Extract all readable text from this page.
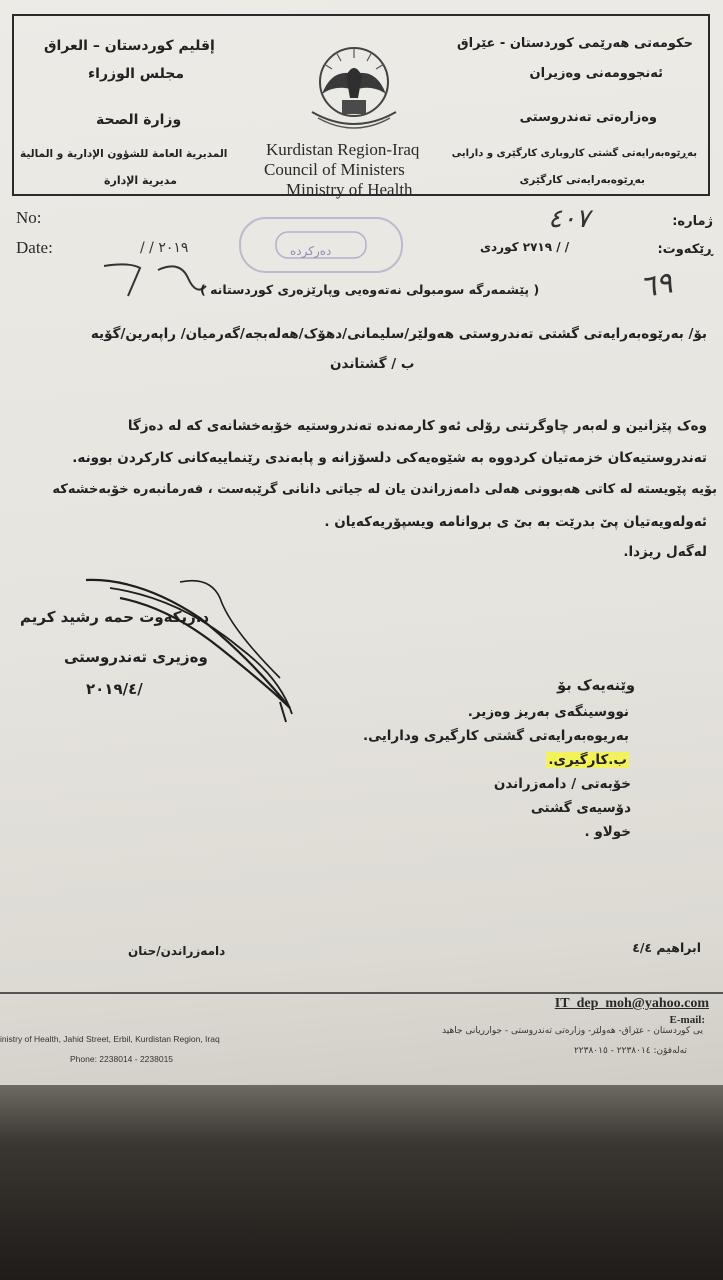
إقليم كوردستان – العراق
مجلس الوزراء
وزارة الصحة
المديرية العامة للشؤون الإدارية و المالية
مديرية الإدارة
حكومەتی هەرێمی کوردستان - عێراق
ئەنجوومەنی وەزیران
وەزارەتی تەندروستی
بەڕێوەبەرایەتی گشتی کاروباری کارگێری و دارایی
بەڕێوەبەرایەتی کارگێری
Kurdistan Region-Iraq
Council of Ministers
Ministry of Health
No:
Date:	/ / ٢٠١٩
ژمارە:
٤٠٧
ڕێکەوت:
/ / ٢٧١٩ کوردی
دەرکردە
٦٩
( پێشمەرگە سومبولی نەتەوەیی وپارێزەری کوردستانە )
بۆ/ بەرێوەبەرایەتی گشتی تەندروستی هەولێر/سلیمانی/دهۆک/هەلەبجە/گەرمیان/ راپەرین/گۆیە
ب / گشتاندن
وەک پێزانین و لەبەر چاوگرتنی رۆلی ئەو کارمەندە تەندروستیە خۆبەخشانەی کە لە دەزگا
تەندروستیەکان خزمەتیان کردووە بە شێوەیەکی دلسۆزانە و پابەندی رێنماییەکانی کارکردن بوونە.
بۆیە پێویستە لە کاتی هەبوونی هەلی دامەزراندن یان لە جیاتی دانانی گرێبەست ، فەرمانبەرە خۆبەخشەکە
ئەولەویەتیان پێ بدرێت بە بێ ی بروانامە ویسپۆریەکەیان .
لەگەل ریزدا.
د.ریکەوت حمه رشید کریم
وەزیری تەندروستی
٢٠١٩/٤/	وێنەیەک بۆ
نووسینگەی بەریز وەزیر.
بەریوەبەرایەتی گشتی کارگیری ودارایی.
ب.کارگیری.
خۆبەتی / دامەزراندن
دۆسیەی گشتی
خولاو .
دامەزراندن/حنان	ابراهیم ٤/٤
IT_dep_moh@yahoo.com
E-mail:
inistry of Health, Jahid Street, Erbil, Kurdistan Region, Iraq
Phone: 2238014 - 2238015
یی کوردستان - عێراق- هەولێر- وزارەتی تەندروستی - جوارریانی جاهید
تەلەفۆن: ٢٢٣٨٠١٤ - ٢٢٣٨٠١٥
